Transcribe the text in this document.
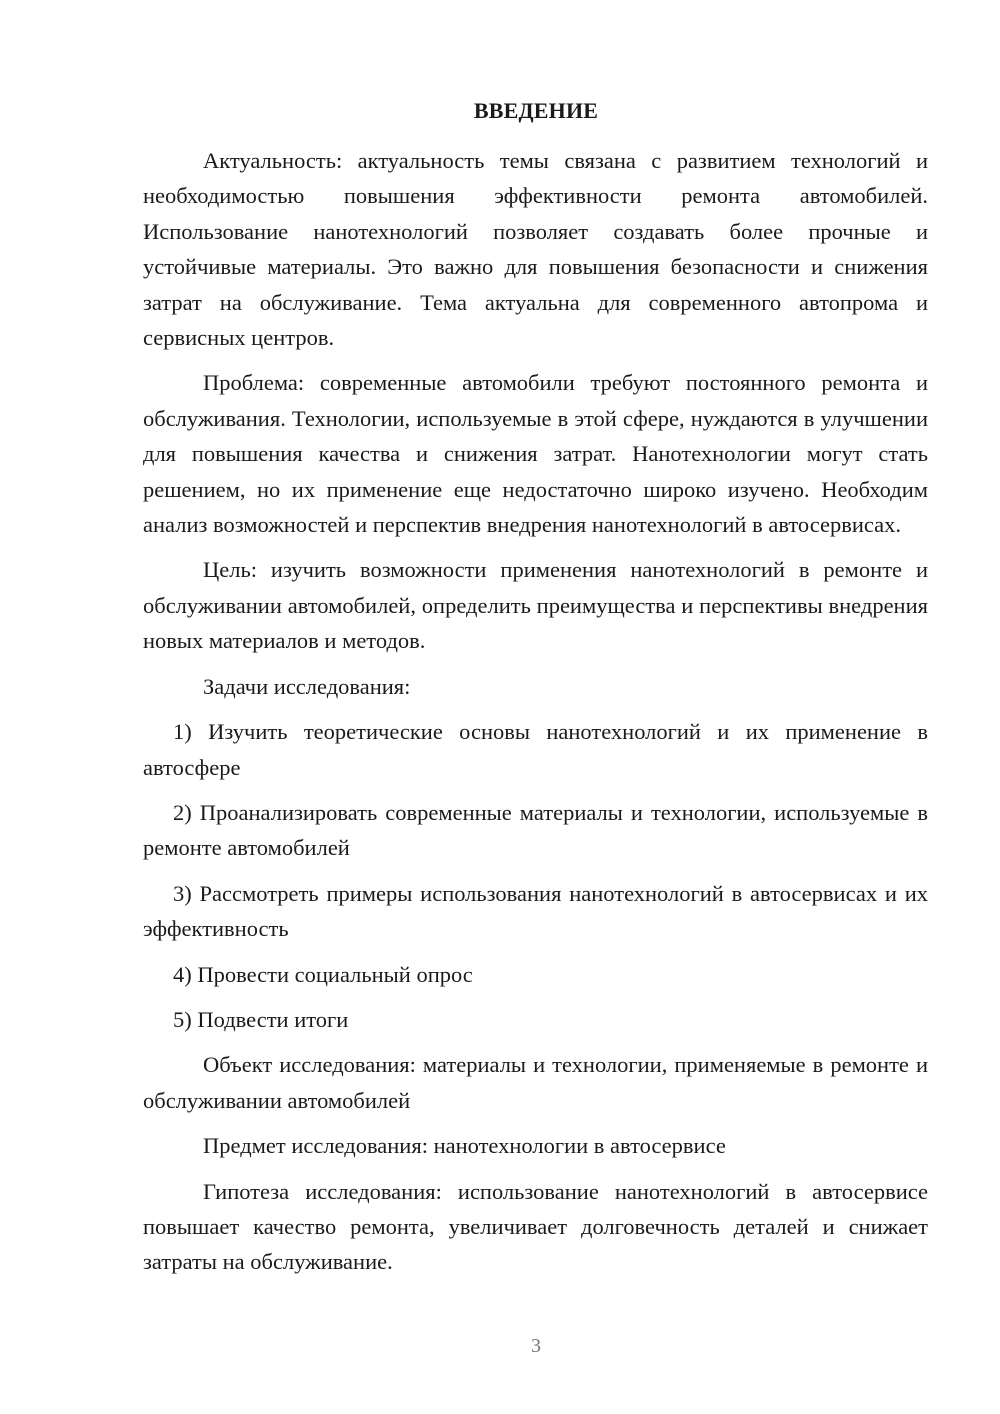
ВВЕДЕНИЕ

Актуальность: актуальность темы связана с развитием технологий и необходимостью повышения эффективности ремонта автомобилей. Использование нанотехнологий позволяет создавать более прочные и устойчивые материалы. Это важно для повышения безопасности и снижения затрат на обслуживание. Тема актуальна для современного автопрома и сервисных центров.

Проблема: современные автомобили требуют постоянного ремонта и обслуживания. Технологии, используемые в этой сфере, нуждаются в улучшении для повышения качества и снижения затрат. Нанотехнологии могут стать решением, но их применение еще недостаточно широко изучено. Необходим анализ возможностей и перспектив внедрения нанотехнологий в автосервисах.

Цель: изучить возможности применения нанотехнологий в ремонте и обслуживании автомобилей, определить преимущества и перспективы внедрения новых материалов и методов.

Задачи исследования:

1) Изучить теоретические основы нанотехнологий и их применение в автосфере

2) Проанализировать современные материалы и технологии, используемые в ремонте автомобилей

3) Рассмотреть примеры использования нанотехнологий в автосервисах и их эффективность

4) Провести социальный опрос

5) Подвести итоги

Объект исследования: материалы и технологии, применяемые в ремонте и обслуживании автомобилей

Предмет исследования: нанотехнологии в автосервисе

Гипотеза исследования: использование нанотехнологий в автосервисе повышает качество ремонта, увеличивает долговечность деталей и снижает затраты на обслуживание.

3
